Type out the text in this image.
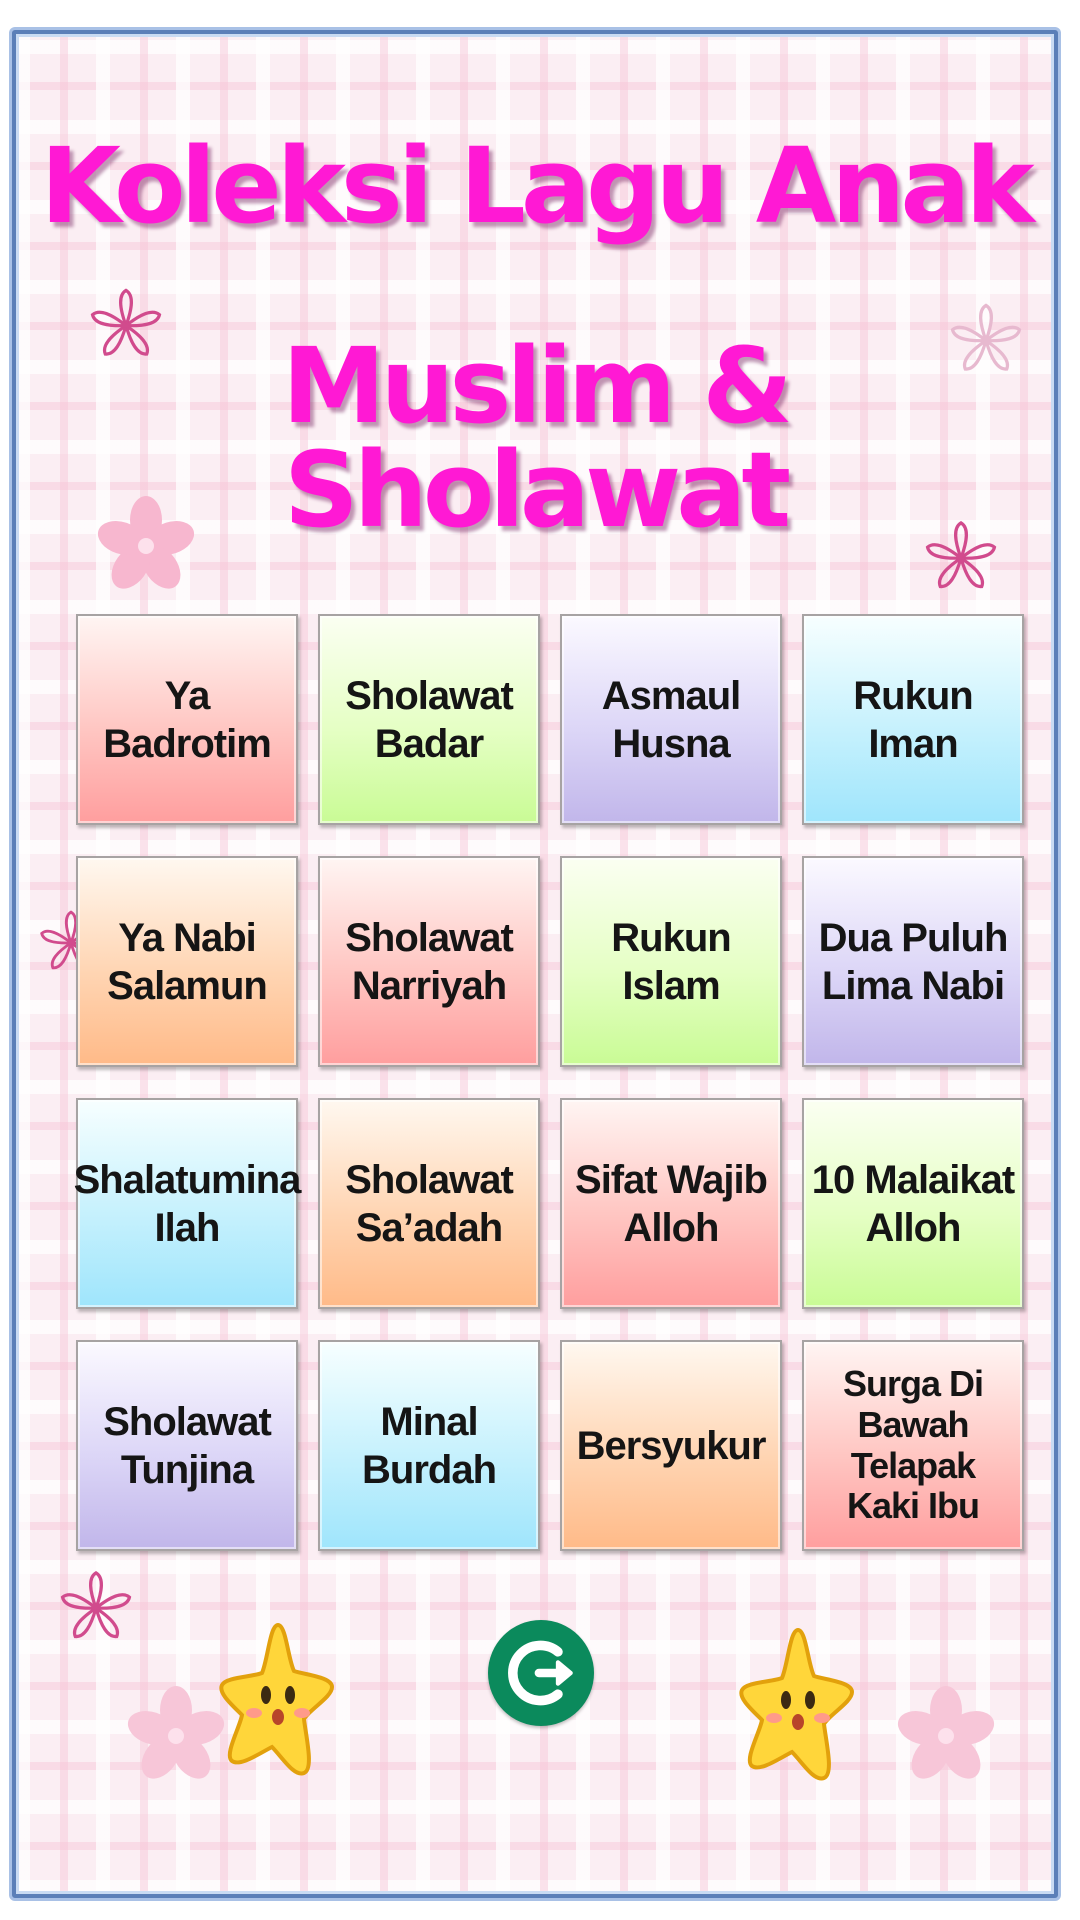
Koleksi Lagu Anak
Muslim & Sholawat
Ya Badrotim
Sholawat
Badar
Asmaul
Husna
Rukun Iman
Ya Nabi
Salamun
Sholawat
Narriyah
Rukun Islam
Dua Puluh
Lima Nabi
Shalatumina
Ilah
Sholawat
Sa’adah
Sifat Wajib
Alloh
10 Malaikat
Alloh
Sholawat
Tunjina
Minal
Burdah
Bersyukur
Surga Di
Bawah
Telapak
Kaki Ibu
